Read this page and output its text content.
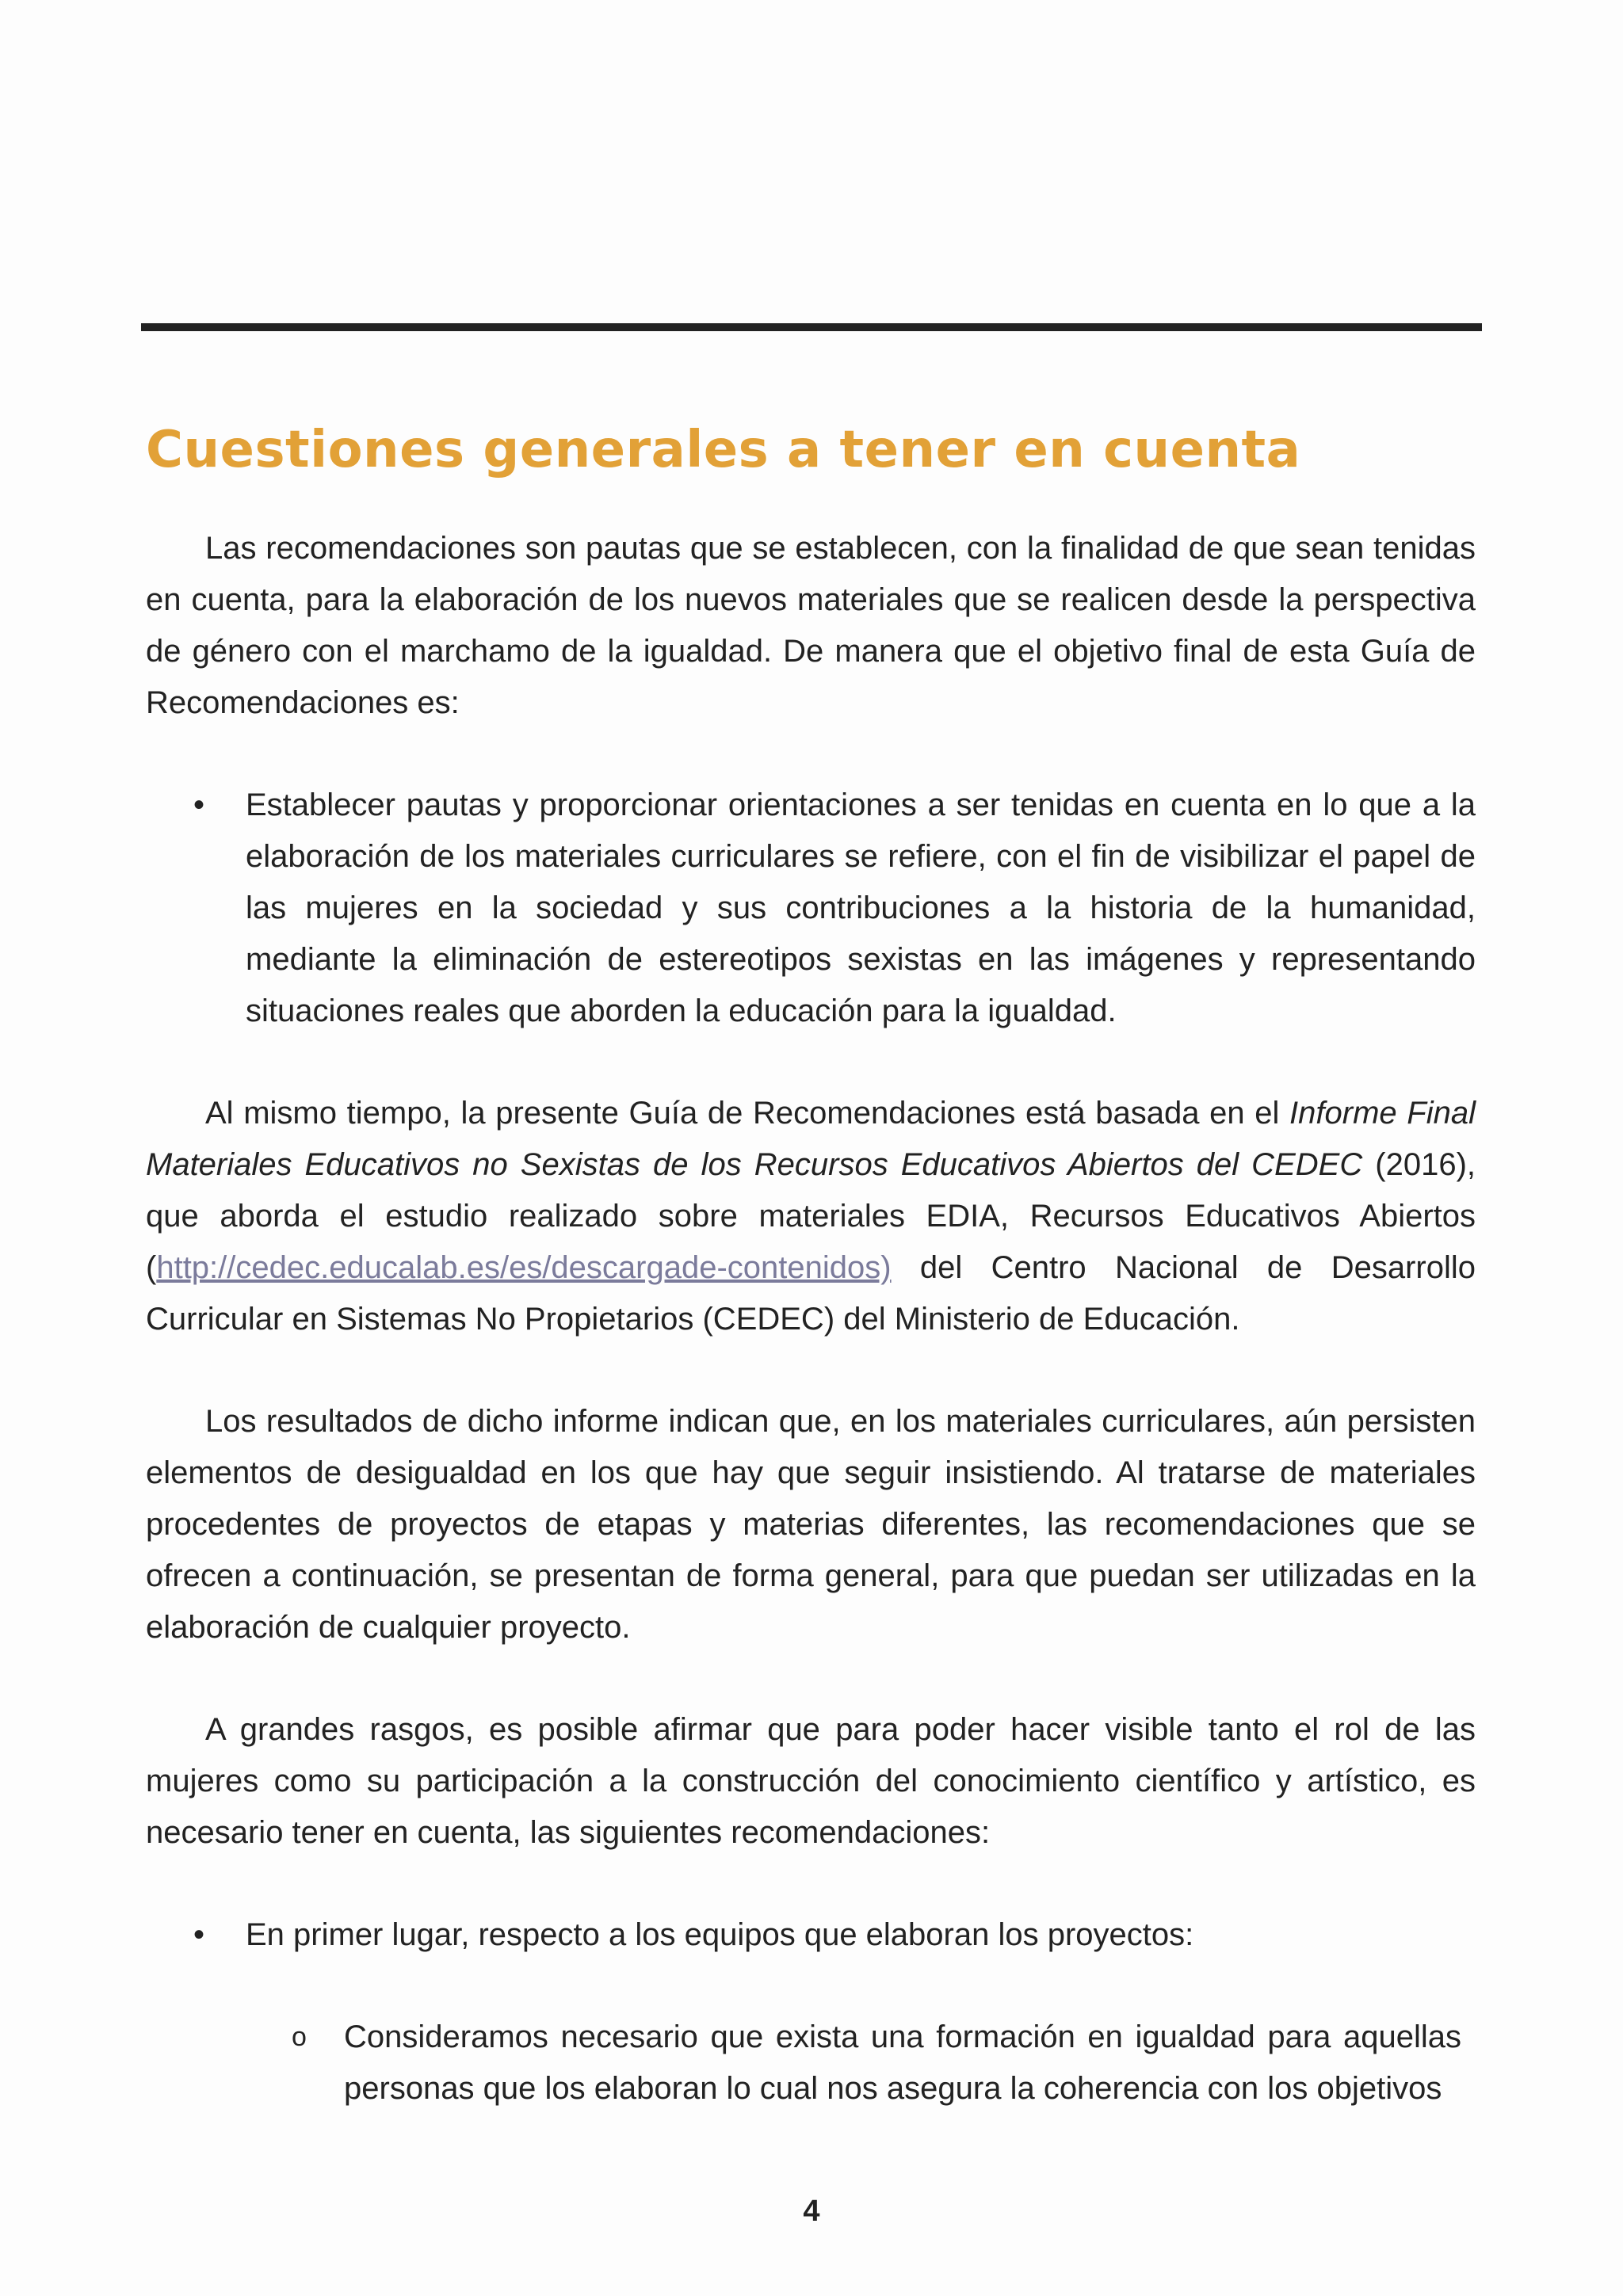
Cuestiones generales a tener en cuenta

Las recomendaciones son pautas que se establecen, con la finalidad de que sean tenidas en cuenta, para la elaboración de los nuevos materiales que se realicen desde la perspectiva de género con el marchamo de la igualdad. De manera que el objetivo final de esta Guía de Recomendaciones es:

• Establecer pautas y proporcionar orientaciones a ser tenidas en cuenta en lo que a la elaboración de los materiales curriculares se refiere, con el fin de visibilizar el papel de las mujeres en la sociedad y sus contribuciones a la historia de la humanidad, mediante la eliminación de estereotipos sexistas en las imágenes y representando situaciones reales que aborden la educación para la igualdad.

Al mismo tiempo, la presente Guía de Recomendaciones está basada en el Informe Final Materiales Educativos no Sexistas de los Recursos Educativos Abiertos del CEDEC (2016), que aborda el estudio realizado sobre materiales EDIA, Recursos Educativos Abiertos (http://cedec.educalab.es/es/descargade-contenidos) del Centro Nacional de Desarrollo Curricular en Sistemas No Propietarios (CEDEC) del Ministerio de Educación.

Los resultados de dicho informe indican que, en los materiales curriculares, aún persisten elementos de desigualdad en los que hay que seguir insistiendo. Al tratarse de materiales procedentes de proyectos de etapas y materias diferentes, las recomendaciones que se ofrecen a continuación, se presentan de forma general, para que puedan ser utilizadas en la elaboración de cualquier proyecto.

A grandes rasgos, es posible afirmar que para poder hacer visible tanto el rol de las mujeres como su participación a la construcción del conocimiento científico y artístico, es necesario tener en cuenta, las siguientes recomendaciones:

• En primer lugar, respecto a los equipos que elaboran los proyectos:
o Consideramos necesario que exista una formación en igualdad para aquellas personas que los elaboran lo cual nos asegura la coherencia con los objetivos
4
